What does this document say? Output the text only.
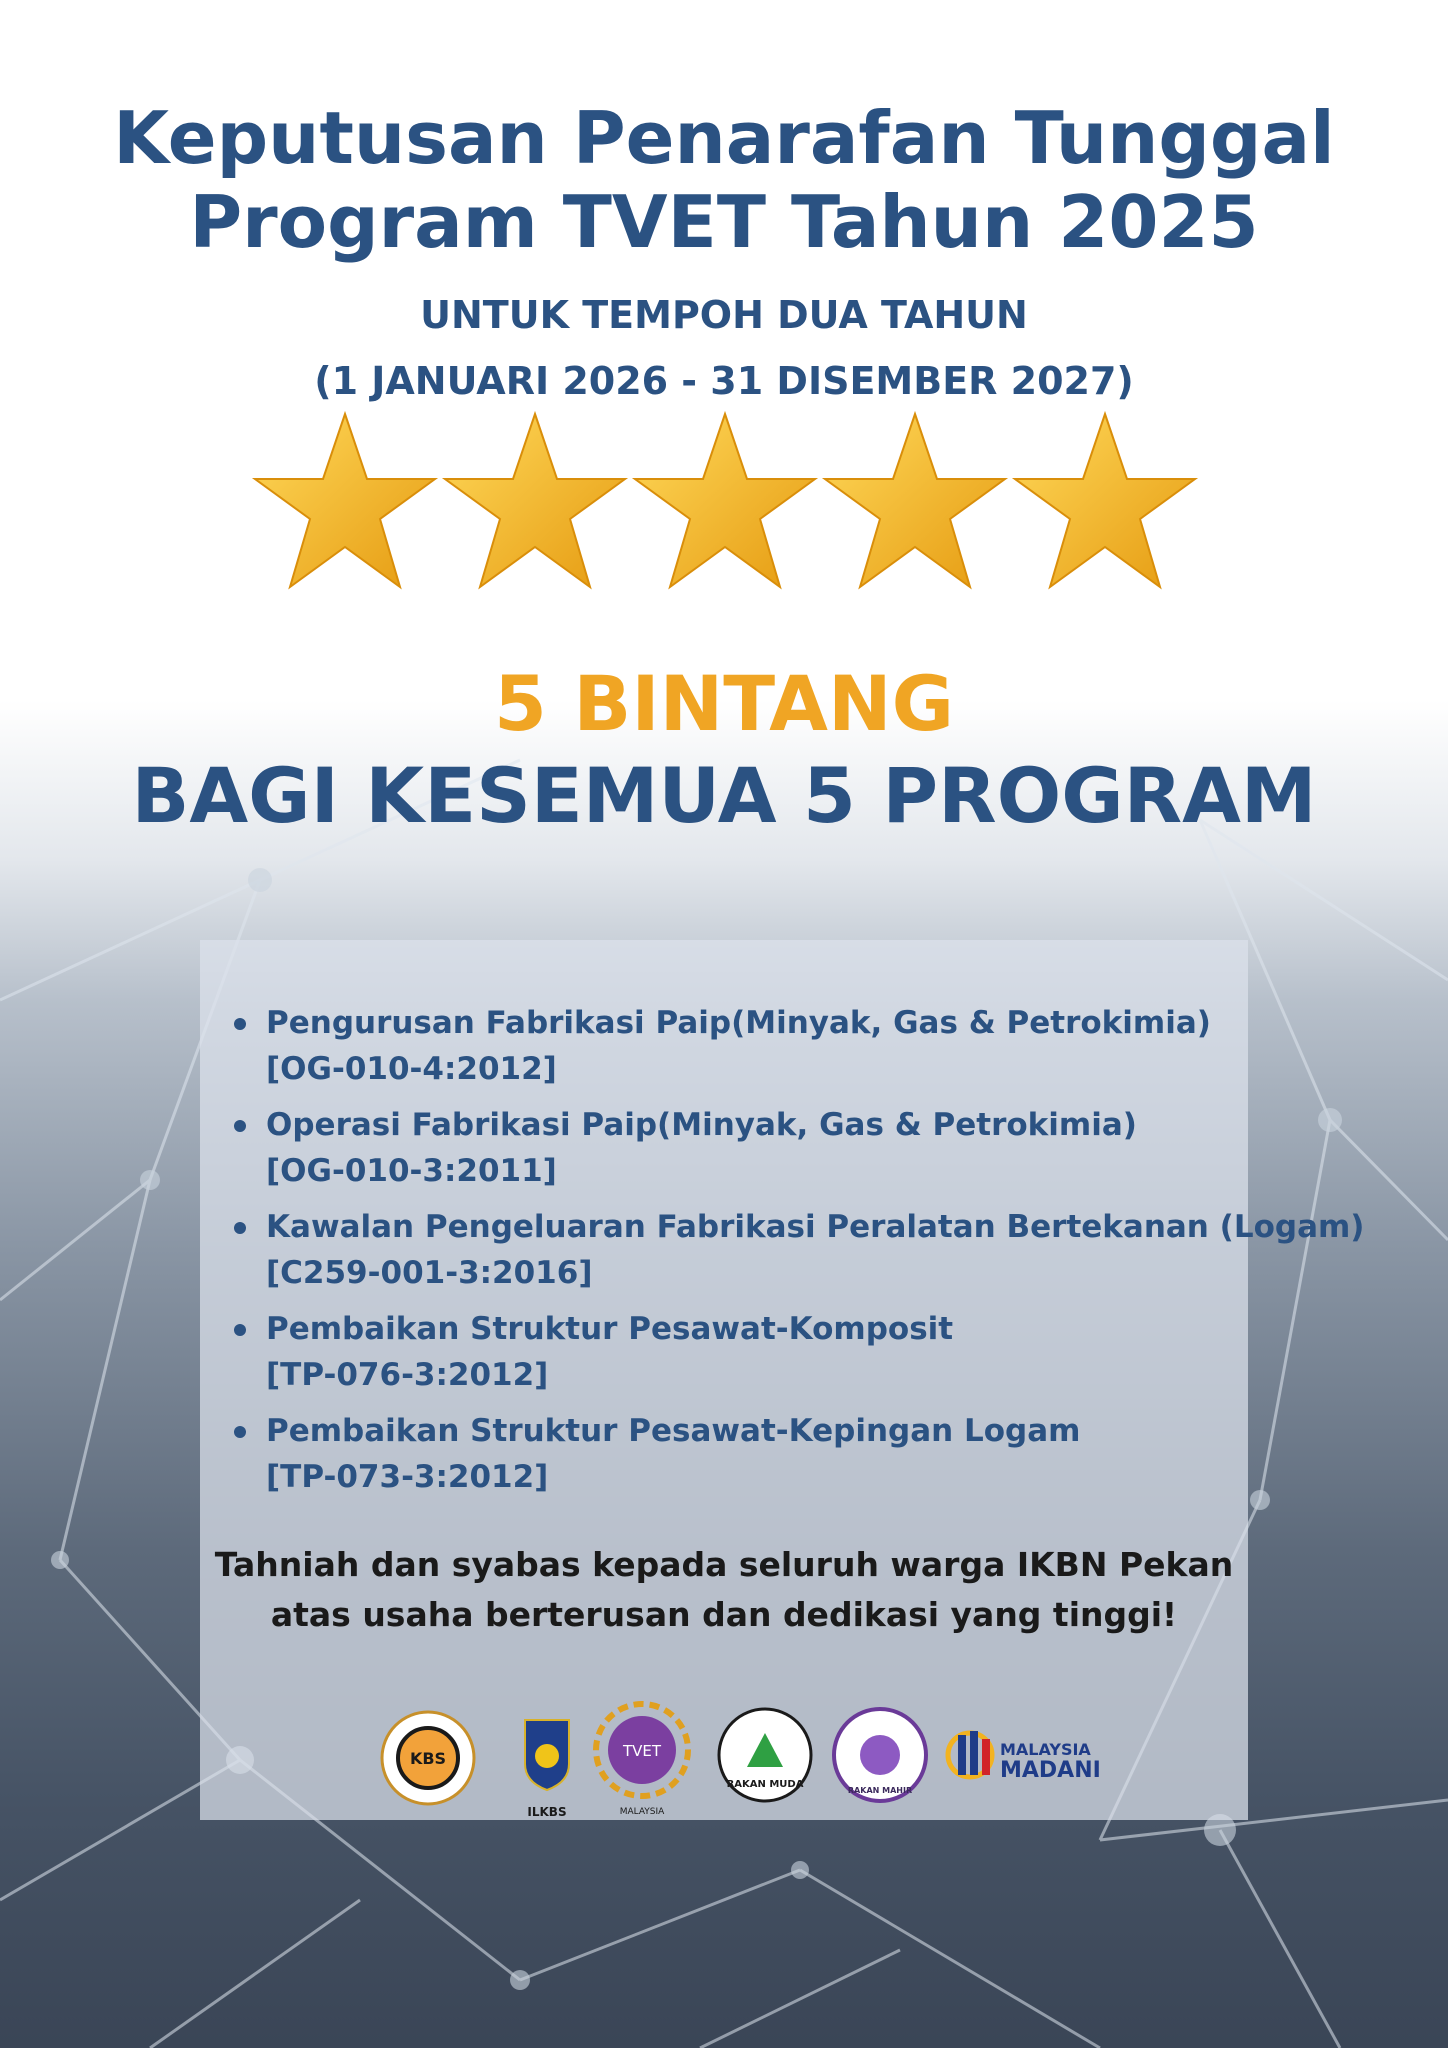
Keputusan Penarafan Tunggal
Program TVET Tahun 2025
UNTUK TEMPOH DUA TAHUN
(1 JANUARI 2026 - 31 DISEMBER 2027)
5 BINTANG
BAGI KESEMUA 5 PROGRAM
Pengurusan Fabrikasi Paip(Minyak, Gas & Petrokimia)
[OG-010-4:2012]
Operasi Fabrikasi Paip(Minyak, Gas & Petrokimia)
[OG-010-3:2011]
Kawalan Pengeluaran Fabrikasi Peralatan Bertekanan (Logam)
[C259-001-3:2016]
Pembaikan Struktur Pesawat-Komposit
[TP-076-3:2012]
Pembaikan Struktur Pesawat-Kepingan Logam
[TP-073-3:2012]
Tahniah dan syabas kepada seluruh warga IKBN Pekan
atas usaha berterusan dan dedikasi yang tinggi!
KBS
ILKBS
TVET
MALAYSIA
RAKAN MUDA
RAKAN MAHIR
MALAYSIA
MADANI
